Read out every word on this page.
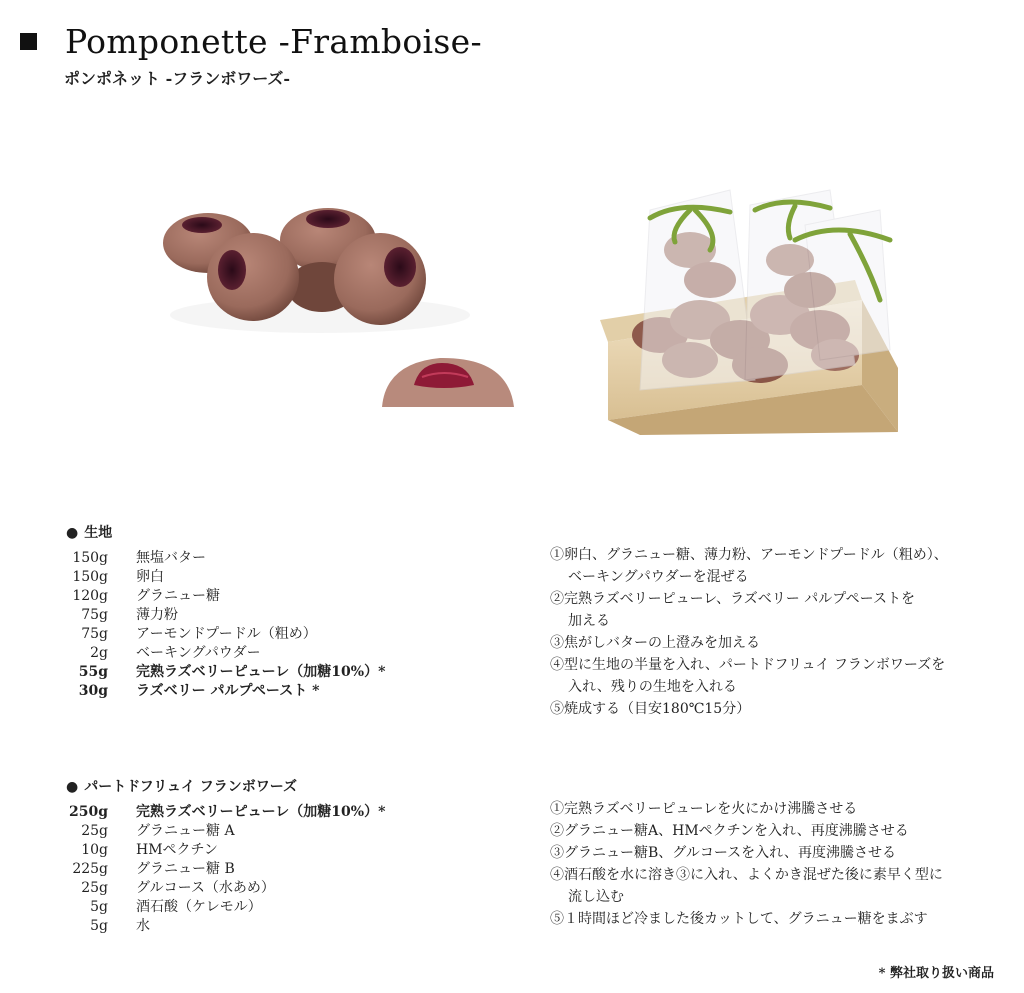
Pomponette -Framboise-
ポンポネット -フランボワーズ-
● 生地
150g 無塩バター
150g 卵白
120g グラニュー糖
75g 薄力粉
75g アーモンドプードル（粗め）
2g ベーキングパウダー
55g 完熟ラズベリーピューレ（加糖10%）*
30g ラズベリー パルプペースト *
①卵白、グラニュー糖、薄力粉、アーモンドプードル（粗め）、
ベーキングパウダーを混ぜる
②完熟ラズベリーピューレ、ラズベリー パルプペーストを
加える
③焦がしバターの上澄みを加える
④型に生地の半量を入れ、パートドフリュイ フランボワーズを
入れ、残りの生地を入れる
⑤焼成する（目安180℃15分）
● パートドフリュイ フランボワーズ
250g 完熟ラズベリーピューレ（加糖10%）*
25g グラニュー糖 A
10g HMペクチン
225g グラニュー糖 B
25g グルコース（水あめ）
5g 酒石酸（ケレモル）
5g 水
①完熟ラズベリーピューレを火にかけ沸騰させる
②グラニュー糖A、HMペクチンを入れ、再度沸騰させる
③グラニュー糖B、グルコースを入れ、再度沸騰させる
④酒石酸を水に溶き③に入れ、よくかき混ぜた後に素早く型に
流し込む
⑤１時間ほど冷ました後カットして、グラニュー糖をまぶす
* 弊社取り扱い商品
